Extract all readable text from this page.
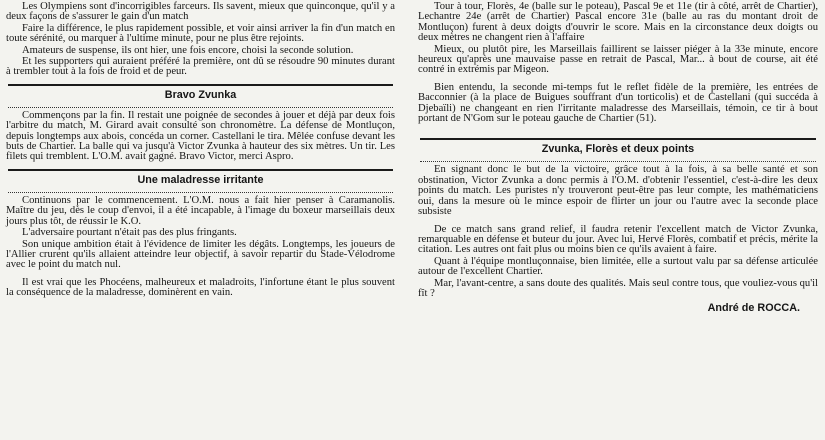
Les Olympiens sont d'incorrigibles farceurs. Ils savent, mieux que quinconque, qu'il y a deux façons de s'assurer le gain d'un match

Faire la différence, le plus rapidement possible, et voir ainsi arriver la fin d'un match en toute sérénité, ou marquer à l'ultime minute, pour ne plus être rejoints.

Amateurs de suspense, ils ont hier, une fois encore, choisi la seconde solution.

Et les supporters qui auraient préféré la première, ont dû se résoudre 90 minutes durant à trembler tout à la fois de froid et de peur.

Bravo Zvunka

Commençons par la fin. Il restait une poignée de secondes à jouer et déjà par deux fois l'arbitre du match, M. Girard avait consulté son chronomètre. La défense de Montluçon, depuis longtemps aux abois, concéda un corner. Castellani le tira. Mêlée confuse devant les buts de Chartier. La balle qui va jusqu'à Victor Zvunka à hauteur des six mètres. Un tir. Les filets qui tremblent. L'O.M. avait gagné. Bravo Victor, merci Aspro.

Une maladresse irritante

Continuons par le commencement. L'O.M. nous a fait hier penser à Caramanolis. Maître du jeu, dès le coup d'envoi, il a été incapable, à l'image du boxeur marseillais deux jours plus tôt, de réussir le K.O.

L'adversaire pourtant n'était pas des plus fringants.

Son unique ambition était à l'évidence de limiter les dégâts. Longtemps, les joueurs de l'Allier crurent qu'ils allaient atteindre leur objectif, à savoir repartir du Stade-Vélodrome avec le point du match nul.

Il est vrai que les Phocéens, malheureux et maladroits, l'infortune étant le plus souvent la conséquence de la maladresse, dominèrent en vain.

Tour à tour, Florès, 4e (balle sur le poteau), Pascal 9e et 11e (tir à côté, arrêt de Chartier), Lechantre 24e (arrêt de Chartier) Pascal encore 31e (balle au ras du montant droit de Montluçon) furent à deux doigts d'ouvrir le score. Mais en la circonstance deux doigts ou deux mètres ne changent rien à l'affaire

Mieux, ou plutôt pire, les Marseillais faillirent se laisser piéger à la 33e minute, encore heureux qu'après une mauvaise passe en retrait de Pascal, Mar... à bout de course, ait été contré in extrémis par Migeon.

Bien entendu, la seconde mi-temps fut le reflet fidèle de la première, les entrées de Bacconnier (à la place de Buigues souffrant d'un torticolis) et de Castellani (qui succéda à Djebaïli) ne changeant en rien l'irritante maladresse des Marseillais, témoin, ce tir à bout portant de N'Gom sur le poteau gauche de Chartier (51).

Zvunka, Florès et deux points

En signant donc le but de la victoire, grâce tout à la fois, à sa belle santé et son obstination, Victor Zvunka a donc permis à l'O.M. d'obtenir l'essentiel, c'est-à-dire les deux points du match. Les puristes n'y trouveront peut-être pas leur compte, les mathématiciens oui, dans la mesure où le mince espoir de flirter un jour ou l'autre avec la seconde place subsiste

De ce match sans grand relief, il faudra retenir l'excellent match de Victor Zvunka, remarquable en défense et buteur du jour. Avec lui, Hervé Florès, combatif et précis, mérite la citation. Les autres ont fait plus ou moins bien ce qu'ils avaient à faire.

Quant à l'équipe montluçonnaise, bien limitée, elle a surtout valu par sa défense articulée autour de l'excellent Chartier.

Mar, l'avant-centre, a sans doute des qualités. Mais seul contre tous, que vouliez-vous qu'il fît ?

André de ROCCA.
